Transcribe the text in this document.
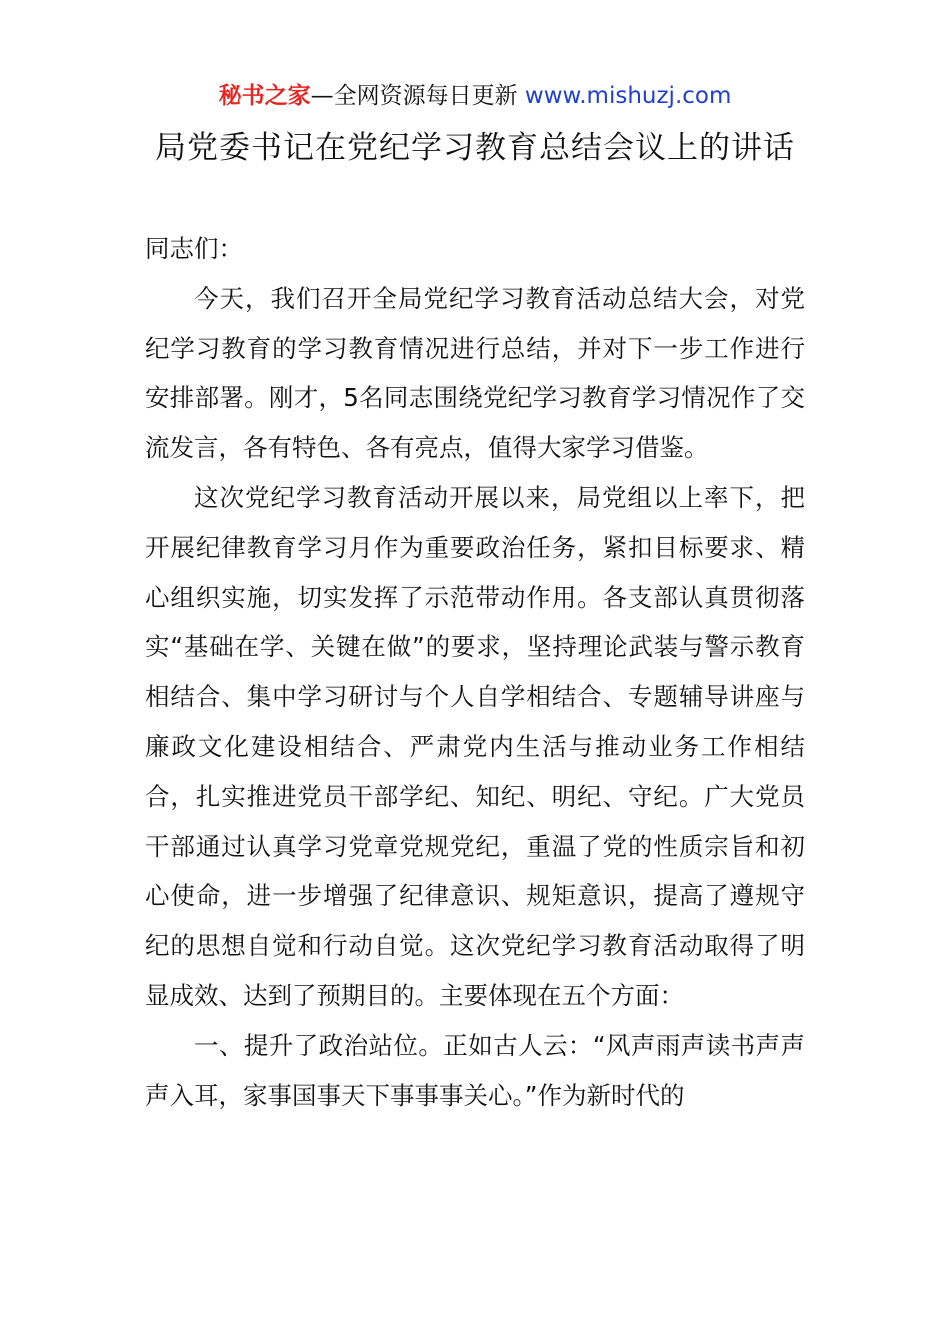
秘书之家—全网资源每日更新 www.mishuzj.com
局党委书记在党纪学习教育总结会议上的讲话

同志们：

今天，我们召开全局党纪学习教育活动总结大会，对党纪学习教育的学习教育情况进行总结，并对下一步工作进行安排部署。刚才，5名同志围绕党纪学习教育学习情况作了交流发言，各有特色、各有亮点，值得大家学习借鉴。

这次党纪学习教育活动开展以来，局党组以上率下，把开展纪律教育学习月作为重要政治任务，紧扣目标要求、精心组织实施，切实发挥了示范带动作用。各支部认真贯彻落实“基础在学、关键在做”的要求，坚持理论武装与警示教育相结合、集中学习研讨与个人自学相结合、专题辅导讲座与廉政文化建设相结合、严肃党内生活与推动业务工作相结合，扎实推进党员干部学纪、知纪、明纪、守纪。广大党员干部通过认真学习党章党规党纪，重温了党的性质宗旨和初心使命，进一步增强了纪律意识、规矩意识，提高了遵规守纪的思想自觉和行动自觉。这次党纪学习教育活动取得了明显成效、达到了预期目的。主要体现在五个方面：

一、提升了政治站位。正如古人云：“风声雨声读书声声声入耳，家事国事天下事事事关心。”作为新时代的
